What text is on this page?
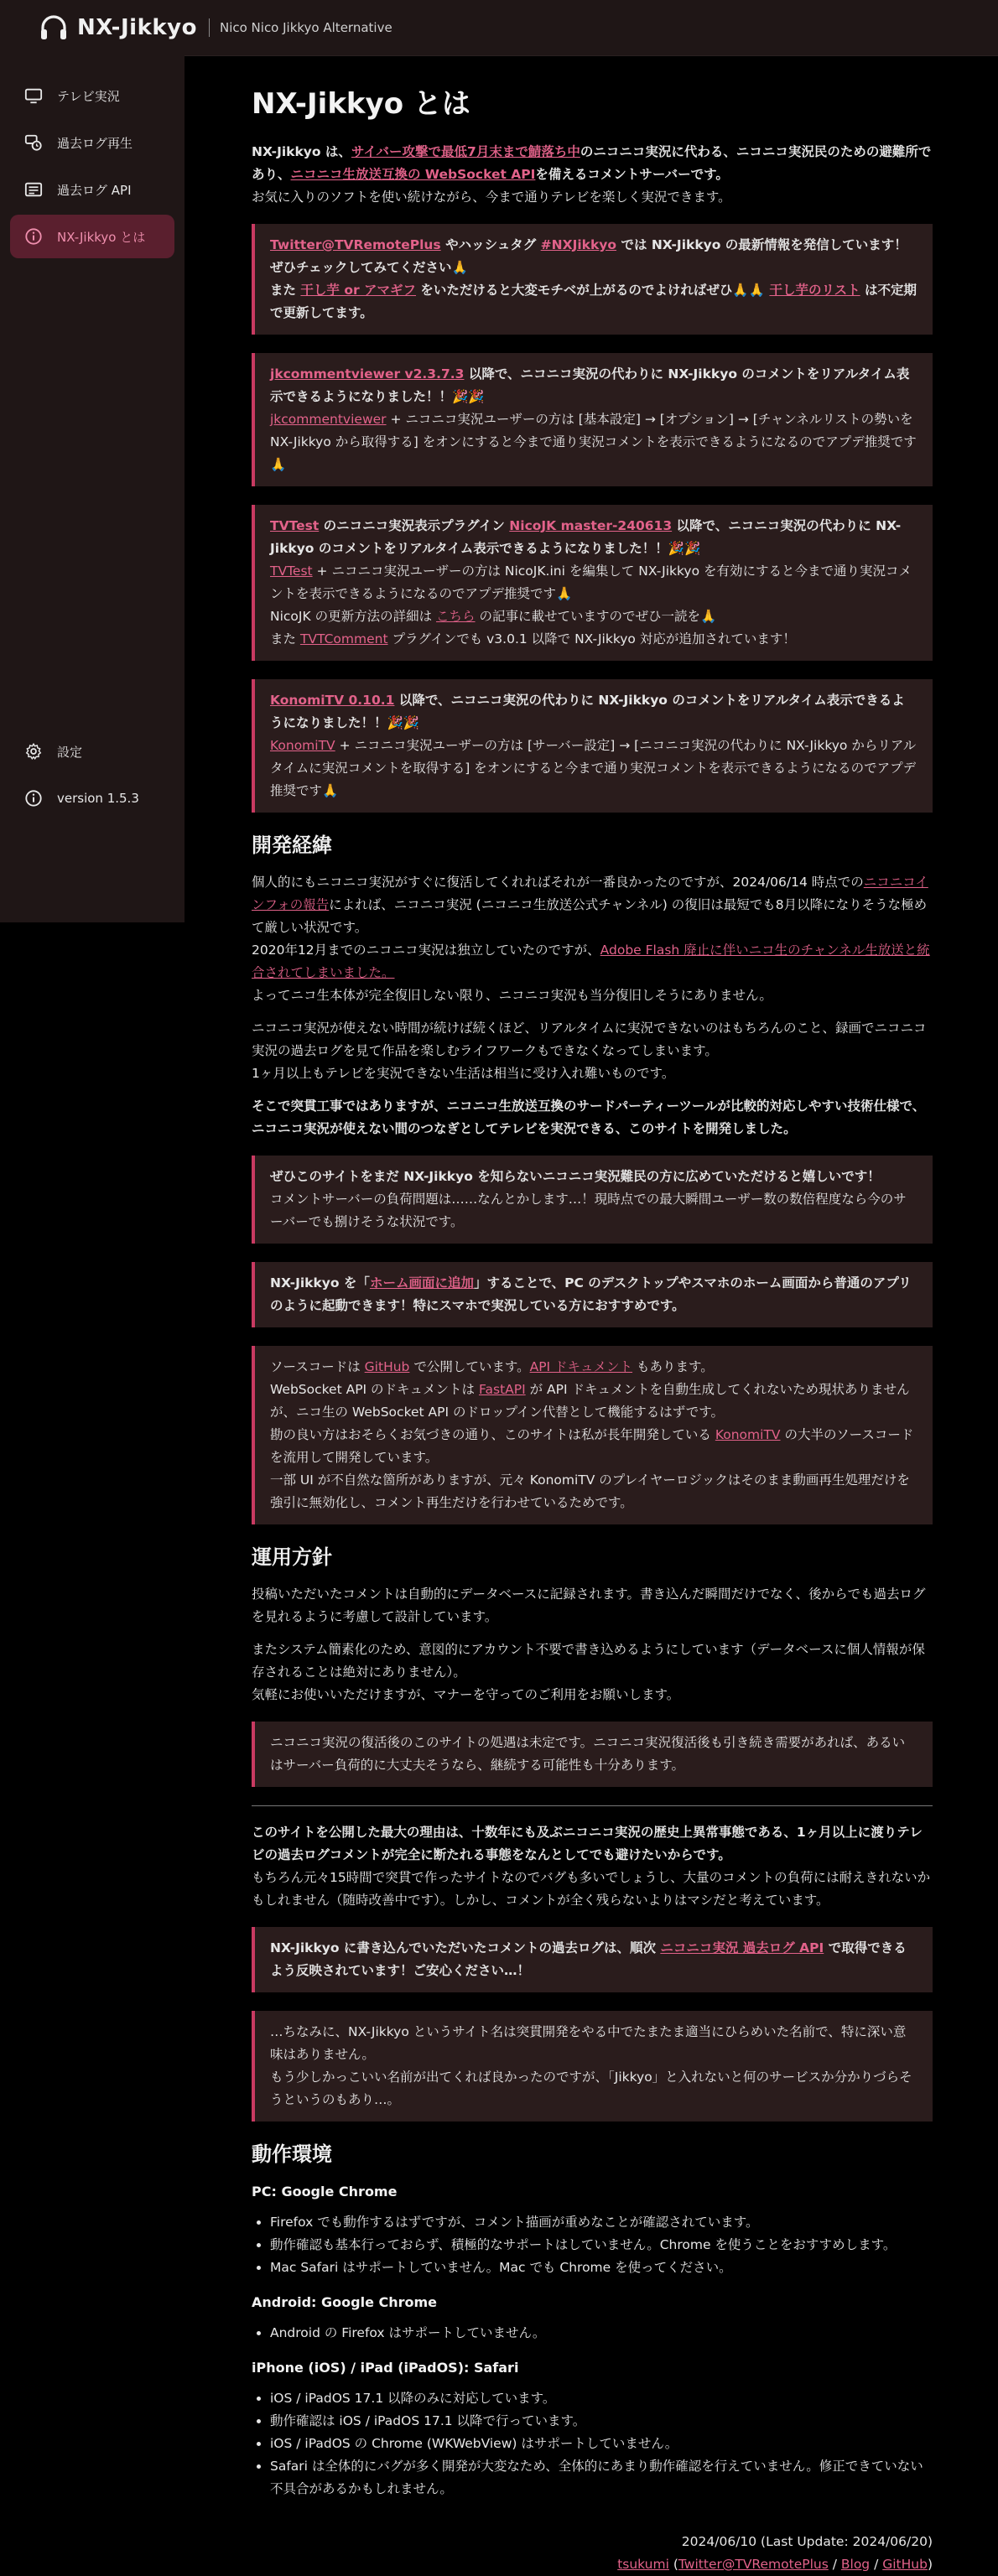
NX-Jikkyo Nico Nico Jikkyo Alternative
テレビ実況
過去ログ再生
過去ログ API
NX-Jikkyo とは
設定
version 1.5.3
NX-Jikkyo とは

NX-Jikkyo は、サイバー攻撃で最低7月末まで鯖落ち中のニコニコ実況に代わる、ニコニコ実況民のための避難所であり、ニコニコ生放送互換の WebSocket APIを備えるコメントサーバーです。

お気に入りのソフトを使い続けながら、今まで通りテレビを楽しく実況できます。

Twitter@TVRemotePlus やハッシュタグ #NXJikkyo では NX-Jikkyo の最新情報を発信しています！ぜひチェックしてみてください🙏

また 干し芋 or アマギフ をいただけると大変モチベが上がるのでよければぜひ🙏🙏 干し芋のリスト は不定期で更新してます。

jkcommentviewer v2.3.7.3 以降で、ニコニコ実況の代わりに NX-Jikkyo のコメントをリアルタイム表示できるようになりました！！🎉🎉

jkcommentviewer + ニコニコ実況ユーザーの方は [基本設定] → [オプション] → [チャンネルリストの勢いを NX-Jikkyo から取得する] をオンにすると今まで通り実況コメントを表示できるようになるのでアプデ推奨です🙏

TVTest のニコニコ実況表示プラグイン NicoJK master-240613 以降で、ニコニコ実況の代わりに NX-Jikkyo のコメントをリアルタイム表示できるようになりました！！🎉🎉

TVTest + ニコニコ実況ユーザーの方は NicoJK.ini を編集して NX-Jikkyo を有効にすると今まで通り実況コメントを表示できるようになるのでアプデ推奨です🙏

NicoJK の更新方法の詳細は こちら の記事に載せていますのでぜひ一読を🙏

また TVTComment プラグインでも v3.0.1 以降で NX-Jikkyo 対応が追加されています！

KonomiTV 0.10.1 以降で、ニコニコ実況の代わりに NX-Jikkyo のコメントをリアルタイム表示できるようになりました！！🎉🎉

KonomiTV + ニコニコ実況ユーザーの方は [サーバー設定] → [ニコニコ実況の代わりに NX-Jikkyo からリアルタイムに実況コメントを取得する] をオンにすると今まで通り実況コメントを表示できるようになるのでアプデ推奨です🙏

開発経緯

個人的にもニコニコ実況がすぐに復活してくれればそれが一番良かったのですが、2024/06/14 時点でのニコニコインフォの報告によれば、ニコニコ実況 (ニコニコ生放送公式チャンネル) の復旧は最短でも8月以降になりそうな極めて厳しい状況です。

2020年12月までのニコニコ実況は独立していたのですが、Adobe Flash 廃止に伴いニコ生のチャンネル生放送と統合されてしまいました。

よってニコ生本体が完全復旧しない限り、ニコニコ実況も当分復旧しそうにありません。

ニコニコ実況が使えない時間が続けば続くほど、リアルタイムに実況できないのはもちろんのこと、録画でニコニコ実況の過去ログを見て作品を楽しむライフワークもできなくなってしまいます。

1ヶ月以上もテレビを実況できない生活は相当に受け入れ難いものです。

そこで突貫工事ではありますが、ニコニコ生放送互換のサードパーティーツールが比較的対応しやすい技術仕様で、ニコニコ実況が使えない間のつなぎとしてテレビを実況できる、このサイトを開発しました。

ぜひこのサイトをまだ NX-Jikkyo を知らないニコニコ実況難民の方に広めていただけると嬉しいです！

コメントサーバーの負荷問題は……なんとかします…！現時点での最大瞬間ユーザー数の数倍程度なら今のサーバーでも捌けそうな状況です。

NX-Jikkyo を「ホーム画面に追加」することで、PC のデスクトップやスマホのホーム画面から普通のアプリのように起動できます！特にスマホで実況している方におすすめです。

ソースコードは GitHub で公開しています。API ドキュメント もあります。

WebSocket API のドキュメントは FastAPI が API ドキュメントを自動生成してくれないため現状ありませんが、ニコ生の WebSocket API のドロップイン代替として機能するはずです。

勘の良い方はおそらくお気づきの通り、このサイトは私が長年開発している KonomiTV の大半のソースコードを流用して開発しています。

一部 UI が不自然な箇所がありますが、元々 KonomiTV のプレイヤーロジックはそのまま動画再生処理だけを強引に無効化し、コメント再生だけを行わせているためです。

運用方針

投稿いただいたコメントは自動的にデータベースに記録されます。書き込んだ瞬間だけでなく、後からでも過去ログを見れるように考慮して設計しています。

またシステム簡素化のため、意図的にアカウント不要で書き込めるようにしています（データベースに個人情報が保存されることは絶対にありません）。

気軽にお使いいただけますが、マナーを守ってのご利用をお願いします。

ニコニコ実況の復活後のこのサイトの処遇は未定です。ニコニコ実況復活後も引き続き需要があれば、あるいはサーバー負荷的に大丈夫そうなら、継続する可能性も十分あります。

このサイトを公開した最大の理由は、十数年にも及ぶニコニコ実況の歴史上異常事態である、1ヶ月以上に渡りテレビの過去ログコメントが完全に断たれる事態をなんとしてでも避けたいからです。

もちろん元々15時間で突貫で作ったサイトなのでバグも多いでしょうし、大量のコメントの負荷には耐えきれないかもしれません（随時改善中です）。しかし、コメントが全く残らないよりはマシだと考えています。

NX-Jikkyo に書き込んでいただいたコメントの過去ログは、順次 ニコニコ実況 過去ログ API で取得できるよう反映されています！ご安心ください…！

…ちなみに、NX-Jikkyo というサイト名は突貫開発をやる中でたまたま適当にひらめいた名前で、特に深い意味はありません。

もう少しかっこいい名前が出てくれば良かったのですが、「Jikkyo」と入れないと何のサービスか分かりづらそうというのもあり…。

動作環境
PC: Google Chrome
• Firefox でも動作するはずですが、コメント描画が重めなことが確認されています。
• 動作確認も基本行っておらず、積極的なサポートはしていません。Chrome を使うことをおすすめします。
• Mac Safari はサポートしていません。Mac でも Chrome を使ってください。
Android: Google Chrome
• Android の Firefox はサポートしていません。
iPhone (iOS) / iPad (iPadOS): Safari
• iOS / iPadOS 17.1 以降のみに対応しています。
• 動作確認は iOS / iPadOS 17.1 以降で行っています。
• iOS / iPadOS の Chrome (WKWebView) はサポートしていません。
• Safari は全体的にバグが多く開発が大変なため、全体的にあまり動作確認を行えていません。修正できていない不具合があるかもしれません。

2024/06/10 (Last Update: 2024/06/20)

tsukumi (Twitter@TVRemotePlus / Blog / GitHub)
